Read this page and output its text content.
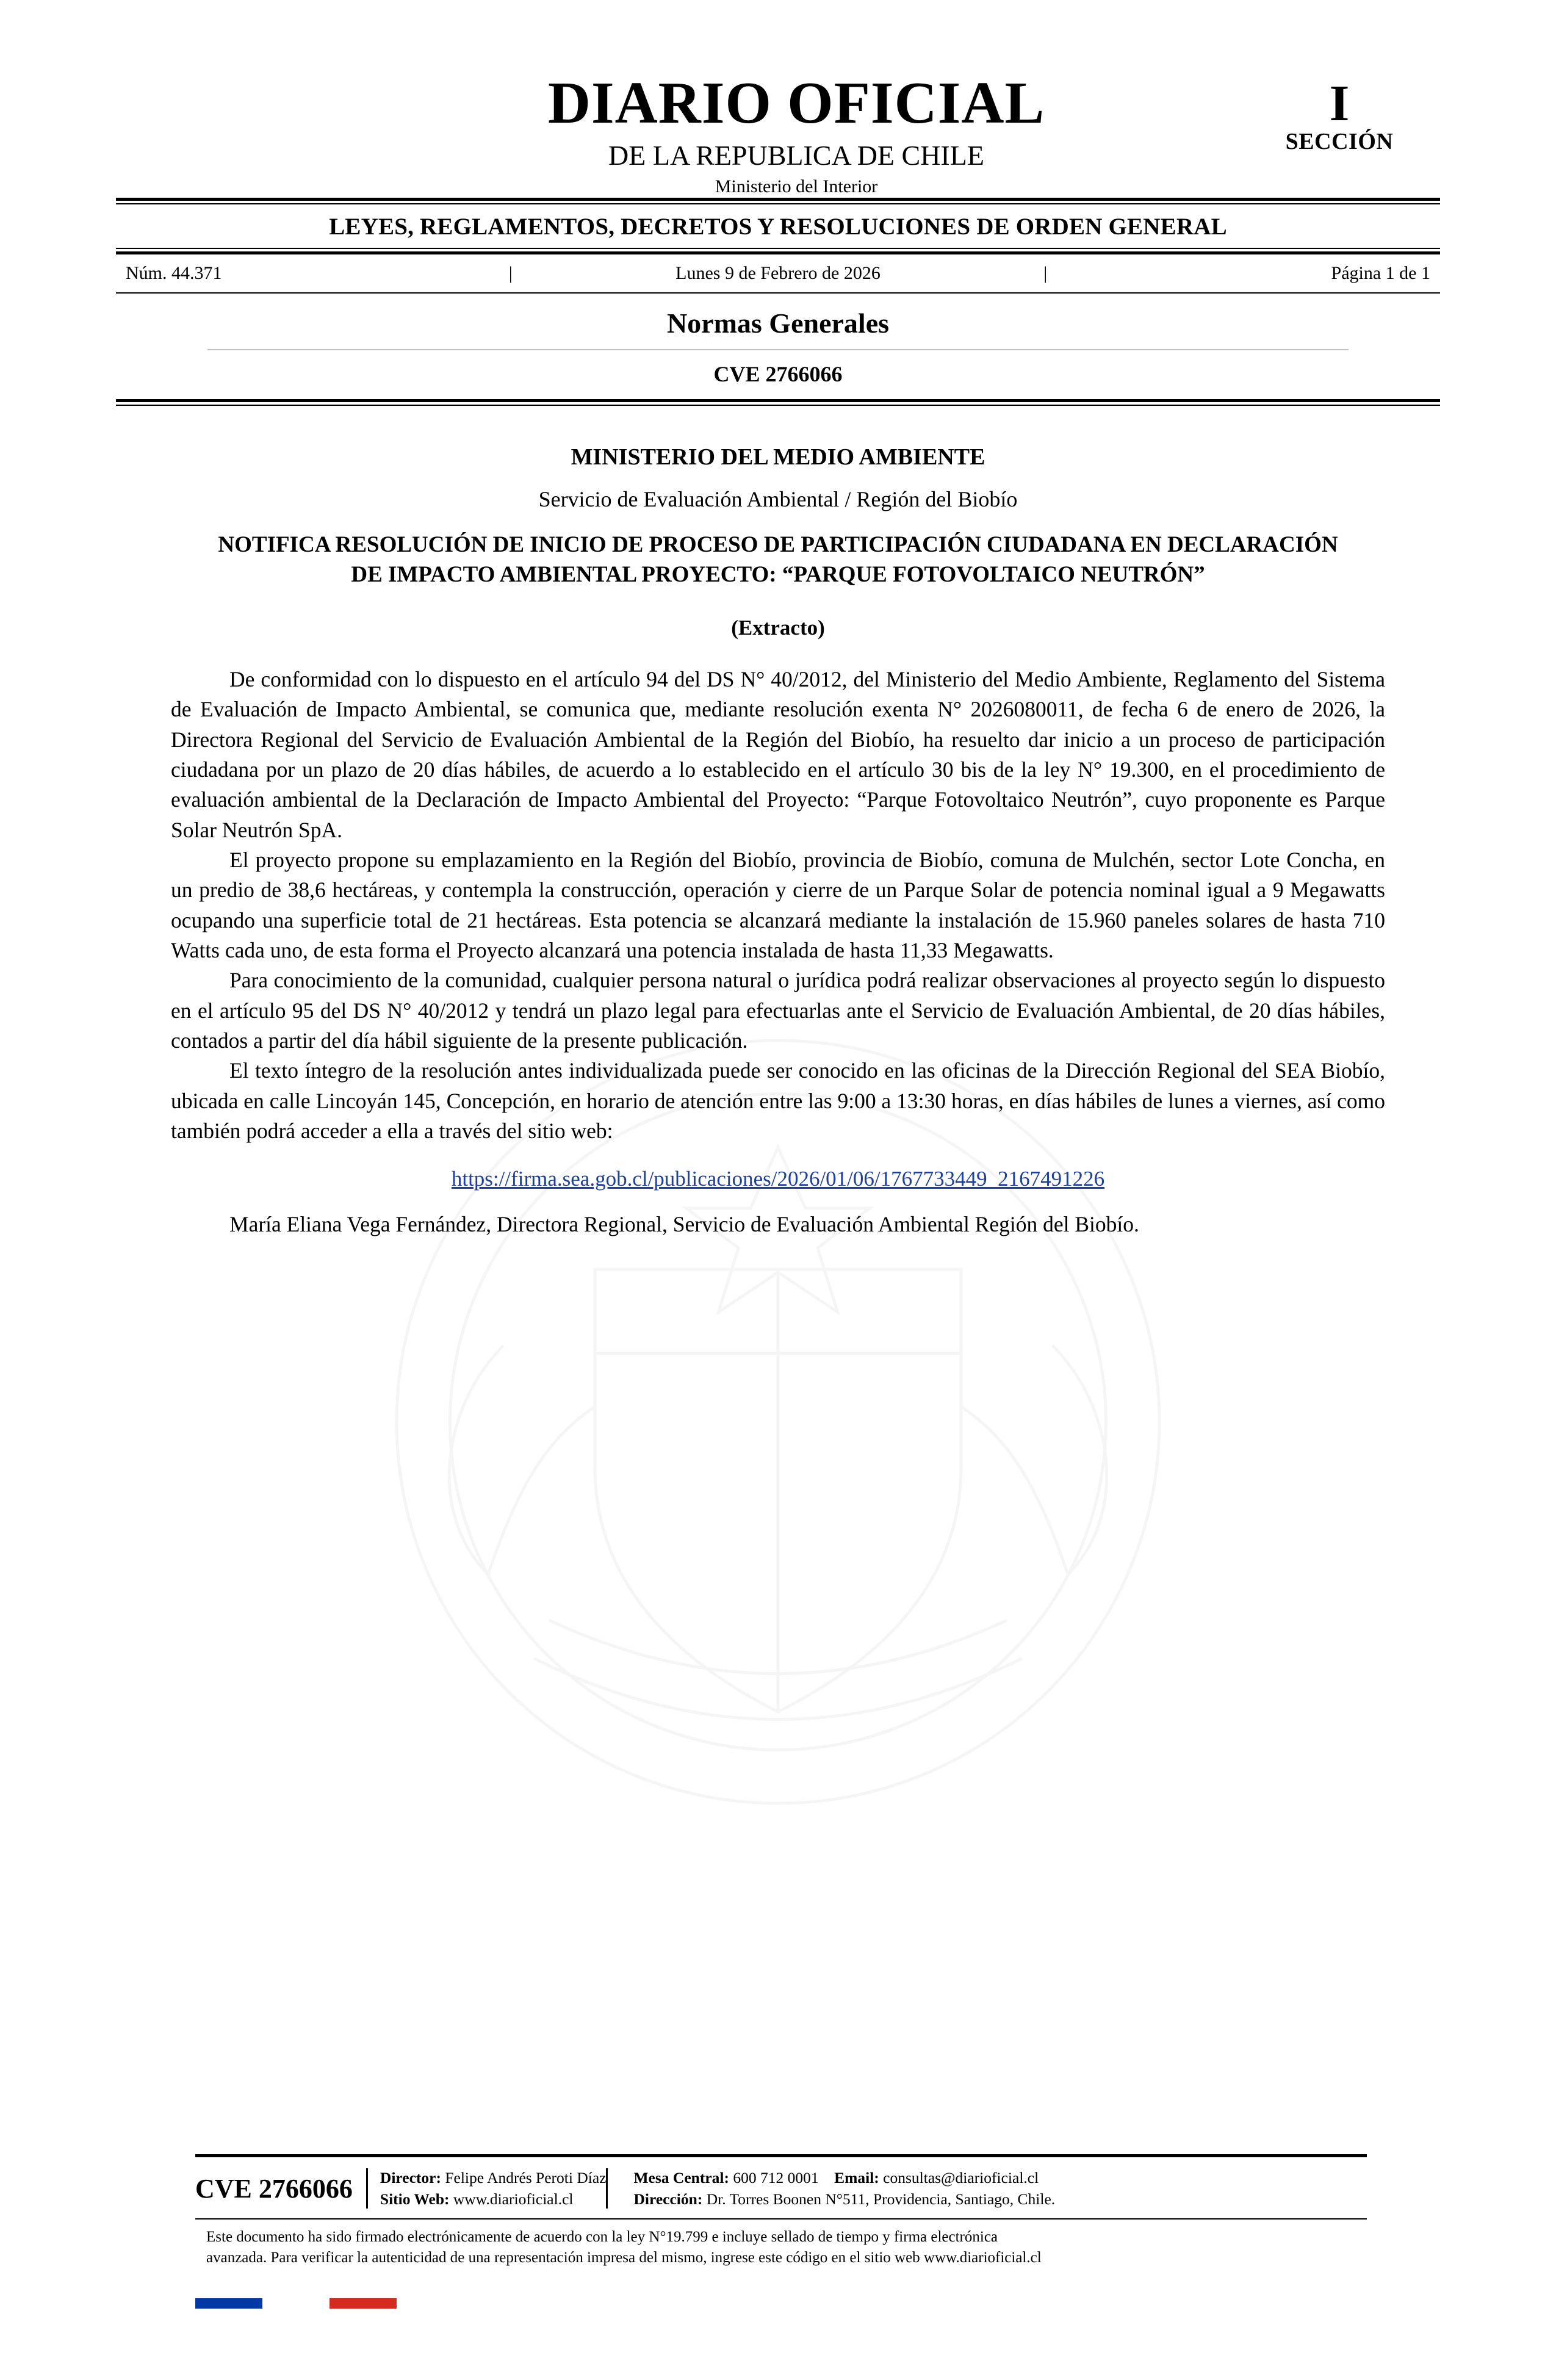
DIARIO OFICIAL
DE LA REPUBLICA DE CHILE
Ministerio del Interior
I
SECCIÓN
LEYES, REGLAMENTOS, DECRETOS Y RESOLUCIONES DE ORDEN GENERAL
Núm. 44.371	|	Lunes 9 de Febrero de 2026	|	Página 1 de 1
Normas Generales
CVE 2766066
MINISTERIO DEL MEDIO AMBIENTE
Servicio de Evaluación Ambiental / Región del Biobío
NOTIFICA RESOLUCIÓN DE INICIO DE PROCESO DE PARTICIPACIÓN CIUDADANA EN DECLARACIÓN DE IMPACTO AMBIENTAL PROYECTO: “PARQUE FOTOVOLTAICO NEUTRÓN”
(Extracto)

De conformidad con lo dispuesto en el artículo 94 del DS N° 40/2012, del Ministerio del Medio Ambiente, Reglamento del Sistema de Evaluación de Impacto Ambiental, se comunica que, mediante resolución exenta N° 2026080011, de fecha 6 de enero de 2026, la Directora Regional del Servicio de Evaluación Ambiental de la Región del Biobío, ha resuelto dar inicio a un proceso de participación ciudadana por un plazo de 20 días hábiles, de acuerdo a lo establecido en el artículo 30 bis de la ley N° 19.300, en el procedimiento de evaluación ambiental de la Declaración de Impacto Ambiental del Proyecto: “Parque Fotovoltaico Neutrón”, cuyo proponente es Parque Solar Neutrón SpA.

El proyecto propone su emplazamiento en la Región del Biobío, provincia de Biobío, comuna de Mulchén, sector Lote Concha, en un predio de 38,6 hectáreas, y contempla la construcción, operación y cierre de un Parque Solar de potencia nominal igual a 9 Megawatts ocupando una superficie total de 21 hectáreas. Esta potencia se alcanzará mediante la instalación de 15.960 paneles solares de hasta 710 Watts cada uno, de esta forma el Proyecto alcanzará una potencia instalada de hasta 11,33 Megawatts.

Para conocimiento de la comunidad, cualquier persona natural o jurídica podrá realizar observaciones al proyecto según lo dispuesto en el artículo 95 del DS N° 40/2012 y tendrá un plazo legal para efectuarlas ante el Servicio de Evaluación Ambiental, de 20 días hábiles, contados a partir del día hábil siguiente de la presente publicación.

El texto íntegro de la resolución antes individualizada puede ser conocido en las oficinas de la Dirección Regional del SEA Biobío, ubicada en calle Lincoyán 145, Concepción, en horario de atención entre las 9:00 a 13:30 horas, en días hábiles de lunes a viernes, así como también podrá acceder a ella a través del sitio web:

https://firma.sea.gob.cl/publicaciones/2026/01/06/1767733449_2167491226

María Eliana Vega Fernández, Directora Regional, Servicio de Evaluación Ambiental Región del Biobío.

CVE 2766066	Director: Felipe Andrés Peroti Díaz
Sitio Web: www.diarioficial.cl
Mesa Central: 600 712 0001 Email: consultas@diarioficial.cl
Dirección: Dr. Torres Boonen N°511, Providencia, Santiago, Chile.
Este documento ha sido firmado electrónicamente de acuerdo con la ley N°19.799 e incluye sellado de tiempo y firma electrónica
avanzada. Para verificar la autenticidad de una representación impresa del mismo, ingrese este código en el sitio web www.diarioficial.cl
